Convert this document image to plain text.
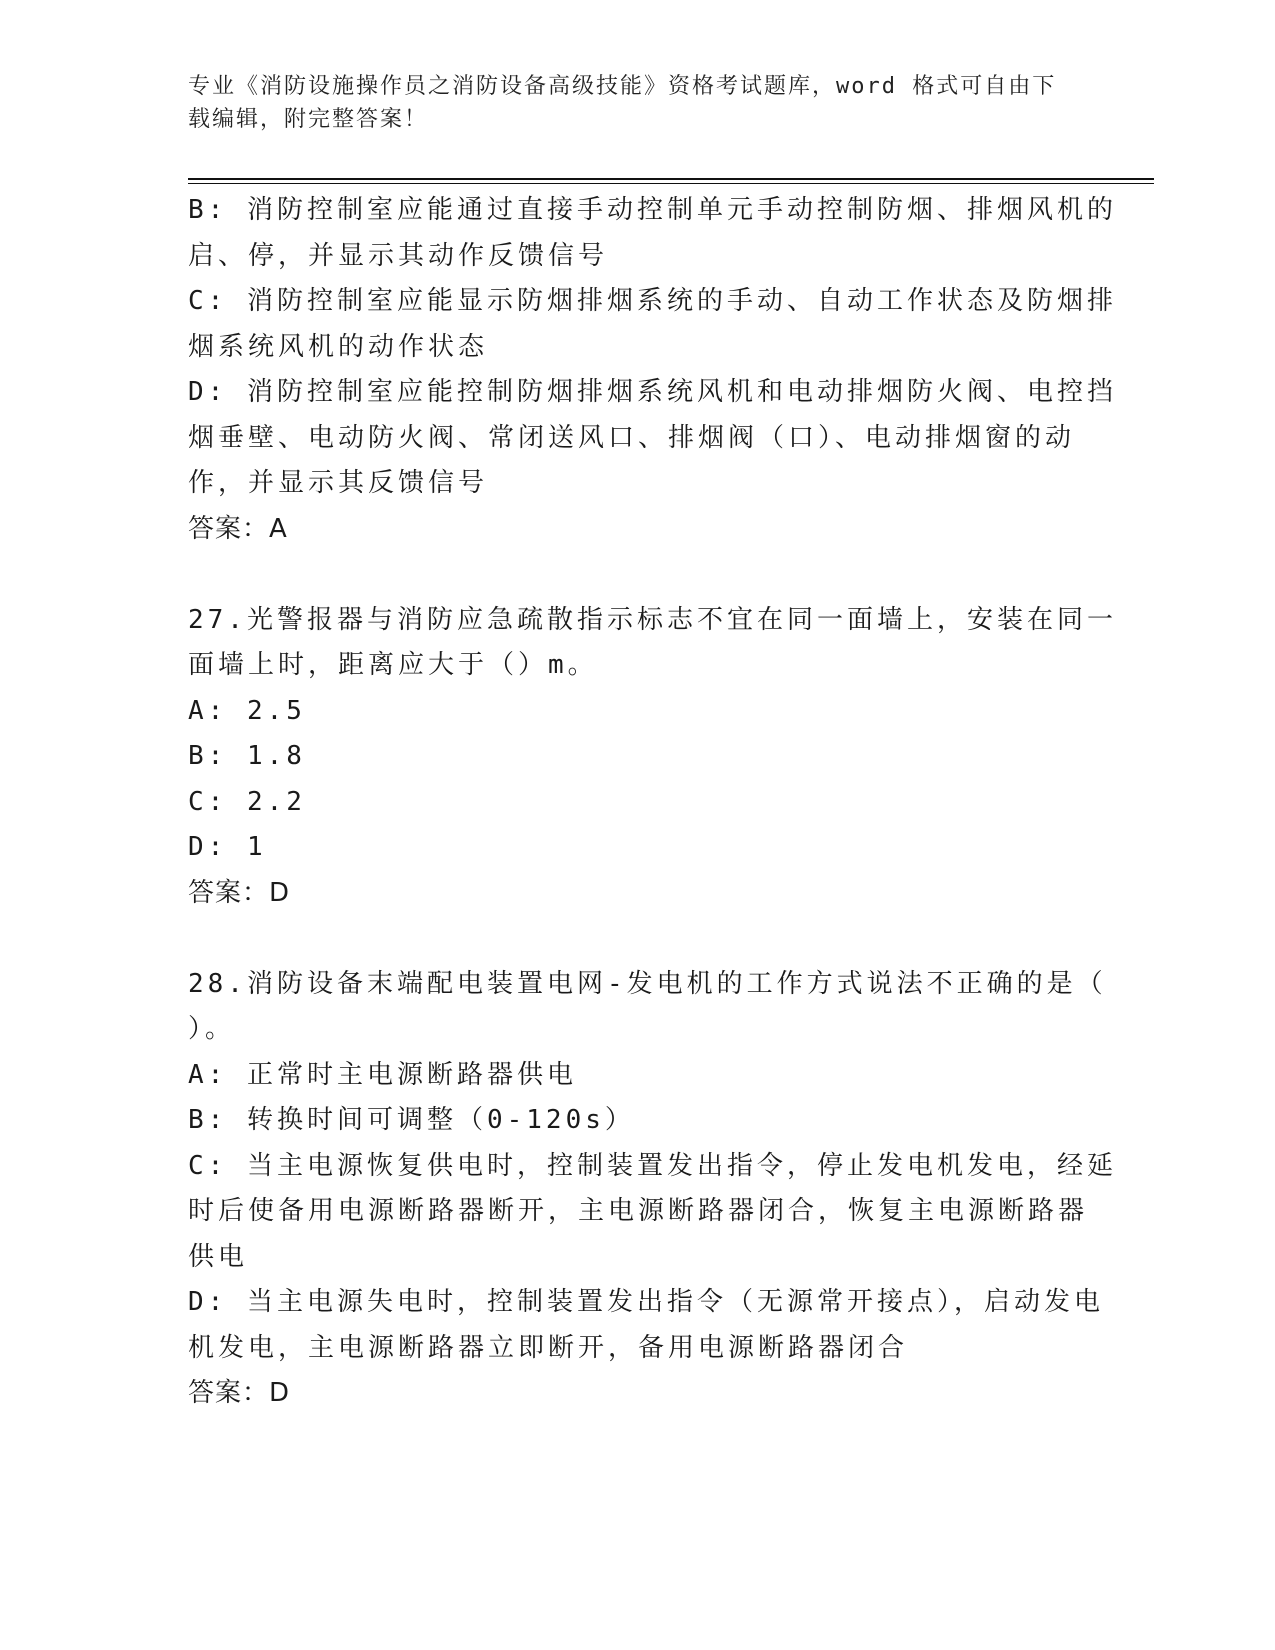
专业《消防设施操作员之消防设备高级技能》资格考试题库，word 格式可自由下
载编辑，附完整答案！
B: 消防控制室应能通过直接手动控制单元手动控制防烟、排烟风机的
启、停，并显示其动作反馈信号
C: 消防控制室应能显示防烟排烟系统的手动、自动工作状态及防烟排
烟系统风机的动作状态
D: 消防控制室应能控制防烟排烟系统风机和电动排烟防火阀、电控挡
烟垂壁、电动防火阀、常闭送风口、排烟阀（口）、电动排烟窗的动
作，并显示其反馈信号
答案：A
27.光警报器与消防应急疏散指示标志不宜在同一面墙上，安装在同一
面墙上时，距离应大于（）m。
A: 2.5
B: 1.8
C: 2.2
D: 1
答案：D
28.消防设备末端配电装置电网-发电机的工作方式说法不正确的是（
）。
A: 正常时主电源断路器供电
B: 转换时间可调整（0-120s）
C: 当主电源恢复供电时，控制装置发出指令，停止发电机发电，经延
时后使备用电源断路器断开，主电源断路器闭合，恢复主电源断路器
供电
D: 当主电源失电时，控制装置发出指令（无源常开接点），启动发电
机发电，主电源断路器立即断开，备用电源断路器闭合
答案：D
